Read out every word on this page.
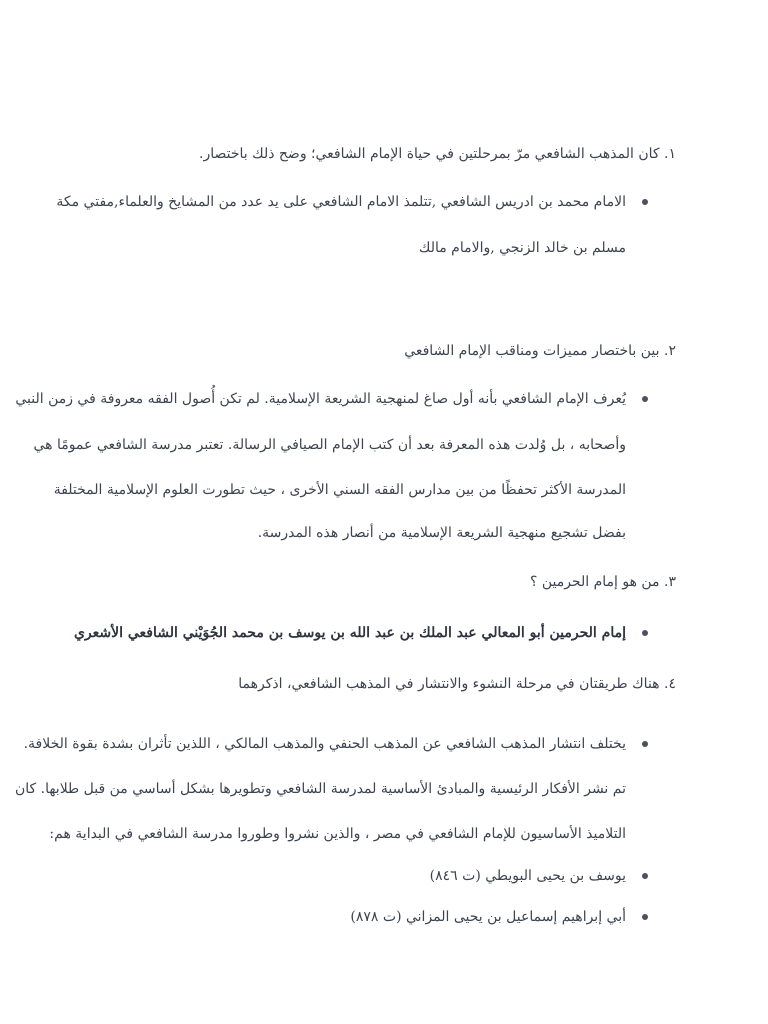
١. كان المذهب الشافعي مرّ بمرحلتين في حياة الإمام الشافعي؛ وضح ذلك باختصار.
الامام محمد بن ادريس الشافعي ,تتلمذ الامام الشافعي على يد عدد من المشايخ والعلماء,مفتي مكة
مسلم بن خالد الزنجي ,والامام مالك
٢. بين باختصار مميزات ومناقب الإمام الشافعي
يُعرف الإمام الشافعي بأنه أول صاغ لمنهجية الشريعة الإسلامية. لم تكن أُصول الفقه معروفة في زمن النبي
وأصحابه ، بل وُلدت هذه المعرفة بعد أن كتب الإمام الصيافي الرسالة. تعتبر مدرسة الشافعي عمومًا هي
المدرسة الأكثر تحفظًا من بين مدارس الفقه السني الأخرى ، حيث تطورت العلوم الإسلامية المختلفة
بفضل تشجيع منهجية الشريعة الإسلامية من أنصار هذه المدرسة.
٣. من هو إمام الحرمين ؟
إمام الحرمين أبو المعالي عبد الملك بن عبد الله بن يوسف بن محمد الجُوَيْني الشافعي الأشعري
٤. هناك طريقتان في مرحلة النشوء والانتشار في المذهب الشافعي، اذكرهما
يختلف انتشار المذهب الشافعي عن المذهب الحنفي والمذهب المالكي ، اللذين تأثران بشدة بقوة الخلافة.
تم نشر الأفكار الرئيسية والمبادئ الأساسية لمدرسة الشافعي وتطويرها بشكل أساسي من قبل طلابها. كان
التلاميذ الأساسيون للإمام الشافعي في مصر ، والذين نشروا وطوروا مدرسة الشافعي في البداية هم:
يوسف بن يحيى البويطي (ت ٨٤٦)
أبي إبراهيم إسماعيل بن يحيى المزاني (ت ٨٧٨)
